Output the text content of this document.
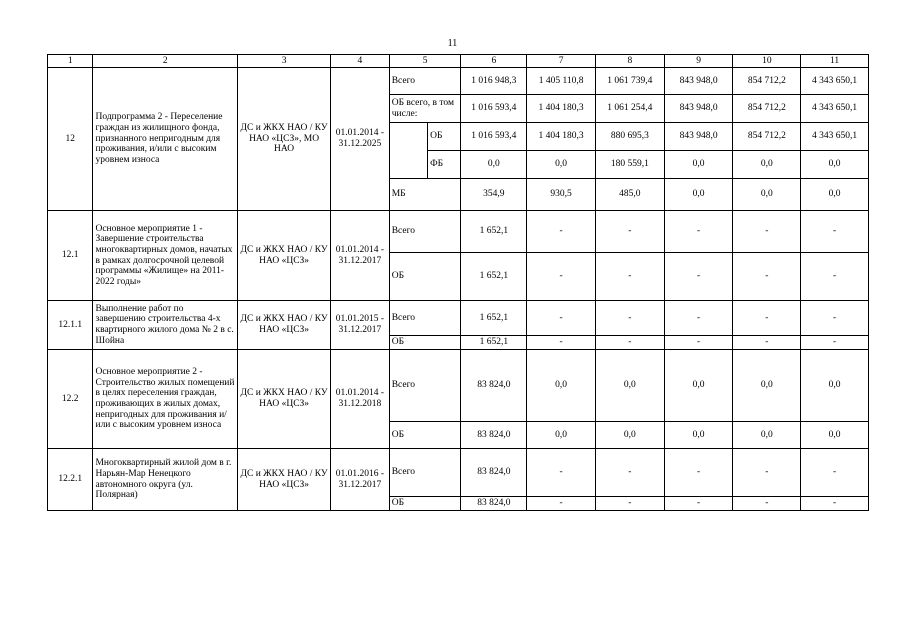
11
1	2	3	4	5		6	7	8	9	10	11
12	Подпрограмма 2 - Переселение граждан из жилищного фонда, признанного непригодным для проживания, и/или с высоким уровнем износа	ДС и ЖКХ НАО / КУ НАО «ЦСЗ», МО НАО	01.01.2014 - 31.12.2025	Всего		1 016 948,3	1 405 110,8	1 061 739,4	843 948,0	854 712,2	4 343 650,1
				ОБ всего, в том числе:		1 016 593,4	1 404 180,3	1 061 254,4	843 948,0	854 712,2	4 343 650,1
					ОБ	1 016 593,4	1 404 180,3	880 695,3	843 948,0	854 712,2	4 343 650,1
					ФБ	0,0	0,0	180 559,1	0,0	0,0	0,0
				МБ		354,9	930,5	485,0	0,0	0,0	0,0
12.1	Основное мероприятие 1 - Завершение строительства многоквартирных домов, начатых в рамках долгосрочной целевой программы «Жилище» на 2011-2022 годы»	ДС и ЖКХ НАО / КУ НАО «ЦСЗ»	01.01.2014 - 31.12.2017	Всего		1 652,1	-	-	-	-	-
				ОБ		1 652,1	-	-	-	-	-
12.1.1	Выполнение работ по завершению строительства 4-х квартирного жилого дома № 2 в с. Шойна	ДС и ЖКХ НАО / КУ НАО «ЦСЗ»	01.01.2015 - 31.12.2017	Всего		1 652,1	-	-	-	-	-
				ОБ		1 652,1	-	-	-	-	-
12.2	Основное мероприятие 2 - Строительство жилых помещений в целях переселения граждан, проживающих в жилых домах, непригодных для проживания и/или с высоким уровнем износа	ДС и ЖКХ НАО / КУ НАО «ЦСЗ»	01.01.2014 - 31.12.2018	Всего		83 824,0	0,0	0,0	0,0	0,0	0,0
				ОБ		83 824,0	0,0	0,0	0,0	0,0	0,0
12.2.1	Многоквартирный жилой дом в г. Нарьян-Мар Ненецкого автономного округа (ул. Полярная)	ДС и ЖКХ НАО / КУ НАО «ЦСЗ»	01.01.2016 - 31.12.2017	Всего		83 824,0	-	-	-	-	-
				ОБ		83 824,0	-	-	-	-	-
